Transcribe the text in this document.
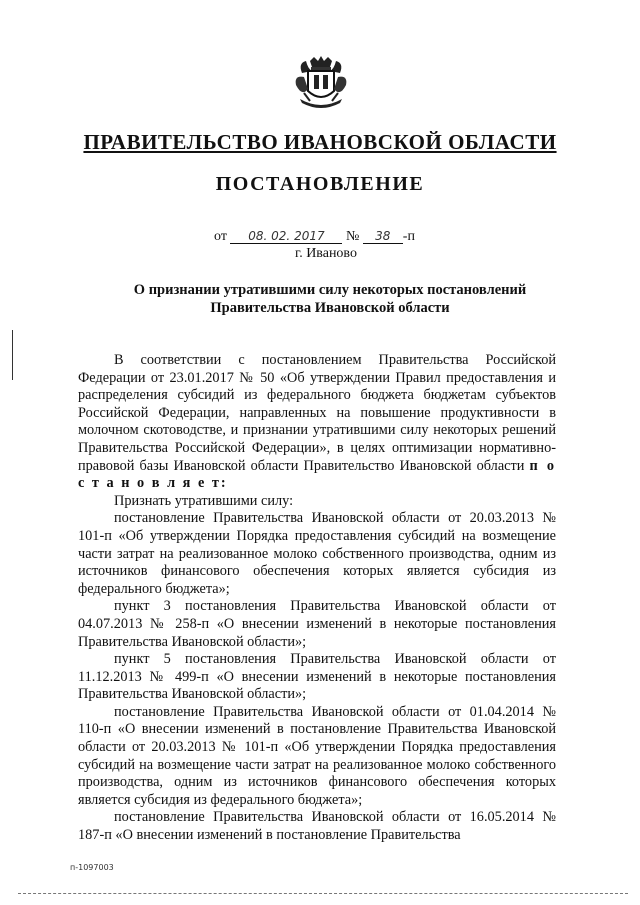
ПРАВИТЕЛЬСТВО ИВАНОВСКОЙ ОБЛАСТИ
ПОСТАНОВЛЕНИЕ
от 08. 02. 2017 № 38 -п
г. Иваново
О признании утратившими силу некоторых постановлений
Правительства Ивановской области

В соответствии с постановлением Правительства Российской Федерации от 23.01.2017 № 50 «Об утверждении Правил предоставления и распределения субсидий из федерального бюджета бюджетам субъектов Российской Федерации, направленных на повышение продуктивности в молочном скотоводстве, и признании утратившими силу некоторых решений Правительства Российской Федерации», в целях оптимизации нормативно-правовой базы Ивановской области Правительство Ивановской области п о с т а н о в л я е т:

Признать утратившими силу:

постановление Правительства Ивановской области от 20.03.2013 № 101-п «Об утверждении Порядка предоставления субсидий на возмещение части затрат на реализованное молоко собственного производства, одним из источников финансового обеспечения которых является субсидия из федерального бюджета»;

пункт 3 постановления Правительства Ивановской области от 04.07.2013 № 258-п «О внесении изменений в некоторые постановления Правительства Ивановской области»;

пункт 5 постановления Правительства Ивановской области от 11.12.2013 № 499-п «О внесении изменений в некоторые постановления Правительства Ивановской области»;

постановление Правительства Ивановской области от 01.04.2014 № 110-п «О внесении изменений в постановление Правительства Ивановской области от 20.03.2013 № 101-п «Об утверждении Порядка предоставления субсидий на возмещение части затрат на реализованное молоко собственного производства, одним из источников финансового обеспечения которых является субсидия из федерального бюджета»;

постановление Правительства Ивановской области от 16.05.2014 № 187-п «О внесении изменений в постановление Правительства

п-1097003
